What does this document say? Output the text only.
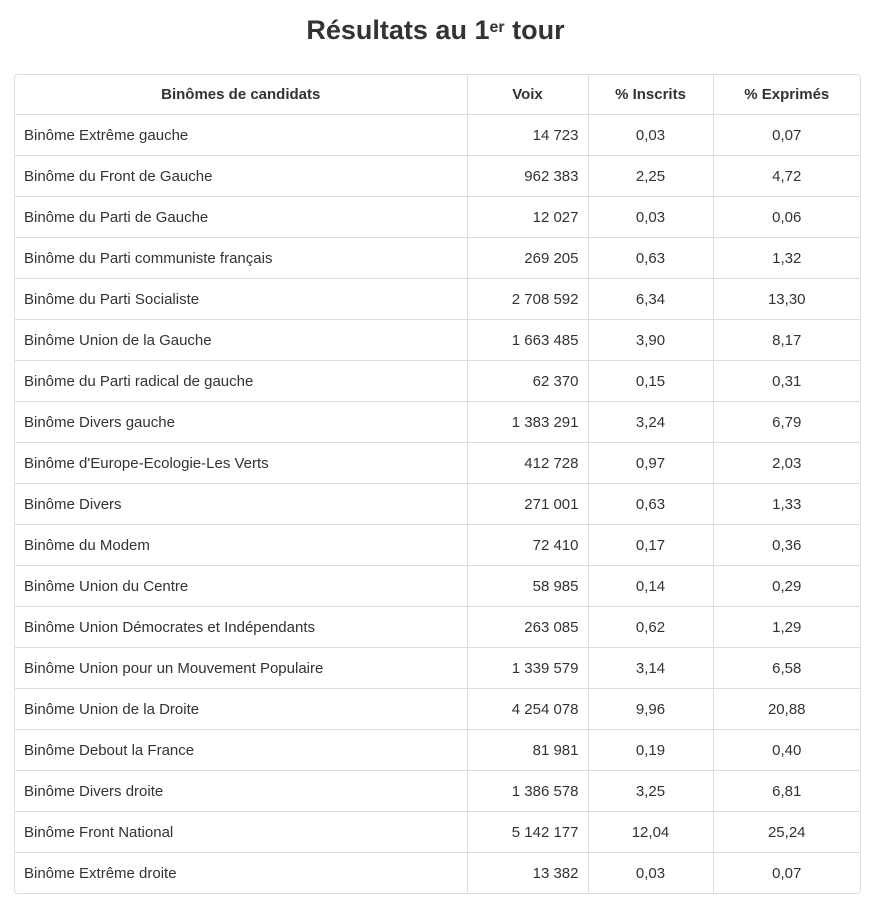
Résultats au 1er tour
Binômes de candidats	Voix	% Inscrits	% Exprimés
Binôme Extrême gauche	14 723	0,03	0,07
Binôme du Front de Gauche	962 383	2,25	4,72
Binôme du Parti de Gauche	12 027	0,03	0,06
Binôme du Parti communiste français	269 205	0,63	1,32
Binôme du Parti Socialiste	2 708 592	6,34	13,30
Binôme Union de la Gauche	1 663 485	3,90	8,17
Binôme du Parti radical de gauche	62 370	0,15	0,31
Binôme Divers gauche	1 383 291	3,24	6,79
Binôme d'Europe-Ecologie-Les Verts	412 728	0,97	2,03
Binôme Divers	271 001	0,63	1,33
Binôme du Modem	72 410	0,17	0,36
Binôme Union du Centre	58 985	0,14	0,29
Binôme Union Démocrates et Indépendants	263 085	0,62	1,29
Binôme Union pour un Mouvement Populaire	1 339 579	3,14	6,58
Binôme Union de la Droite	4 254 078	9,96	20,88
Binôme Debout la France	81 981	0,19	0,40
Binôme Divers droite	1 386 578	3,25	6,81
Binôme Front National	5 142 177	12,04	25,24
Binôme Extrême droite	13 382	0,03	0,07
